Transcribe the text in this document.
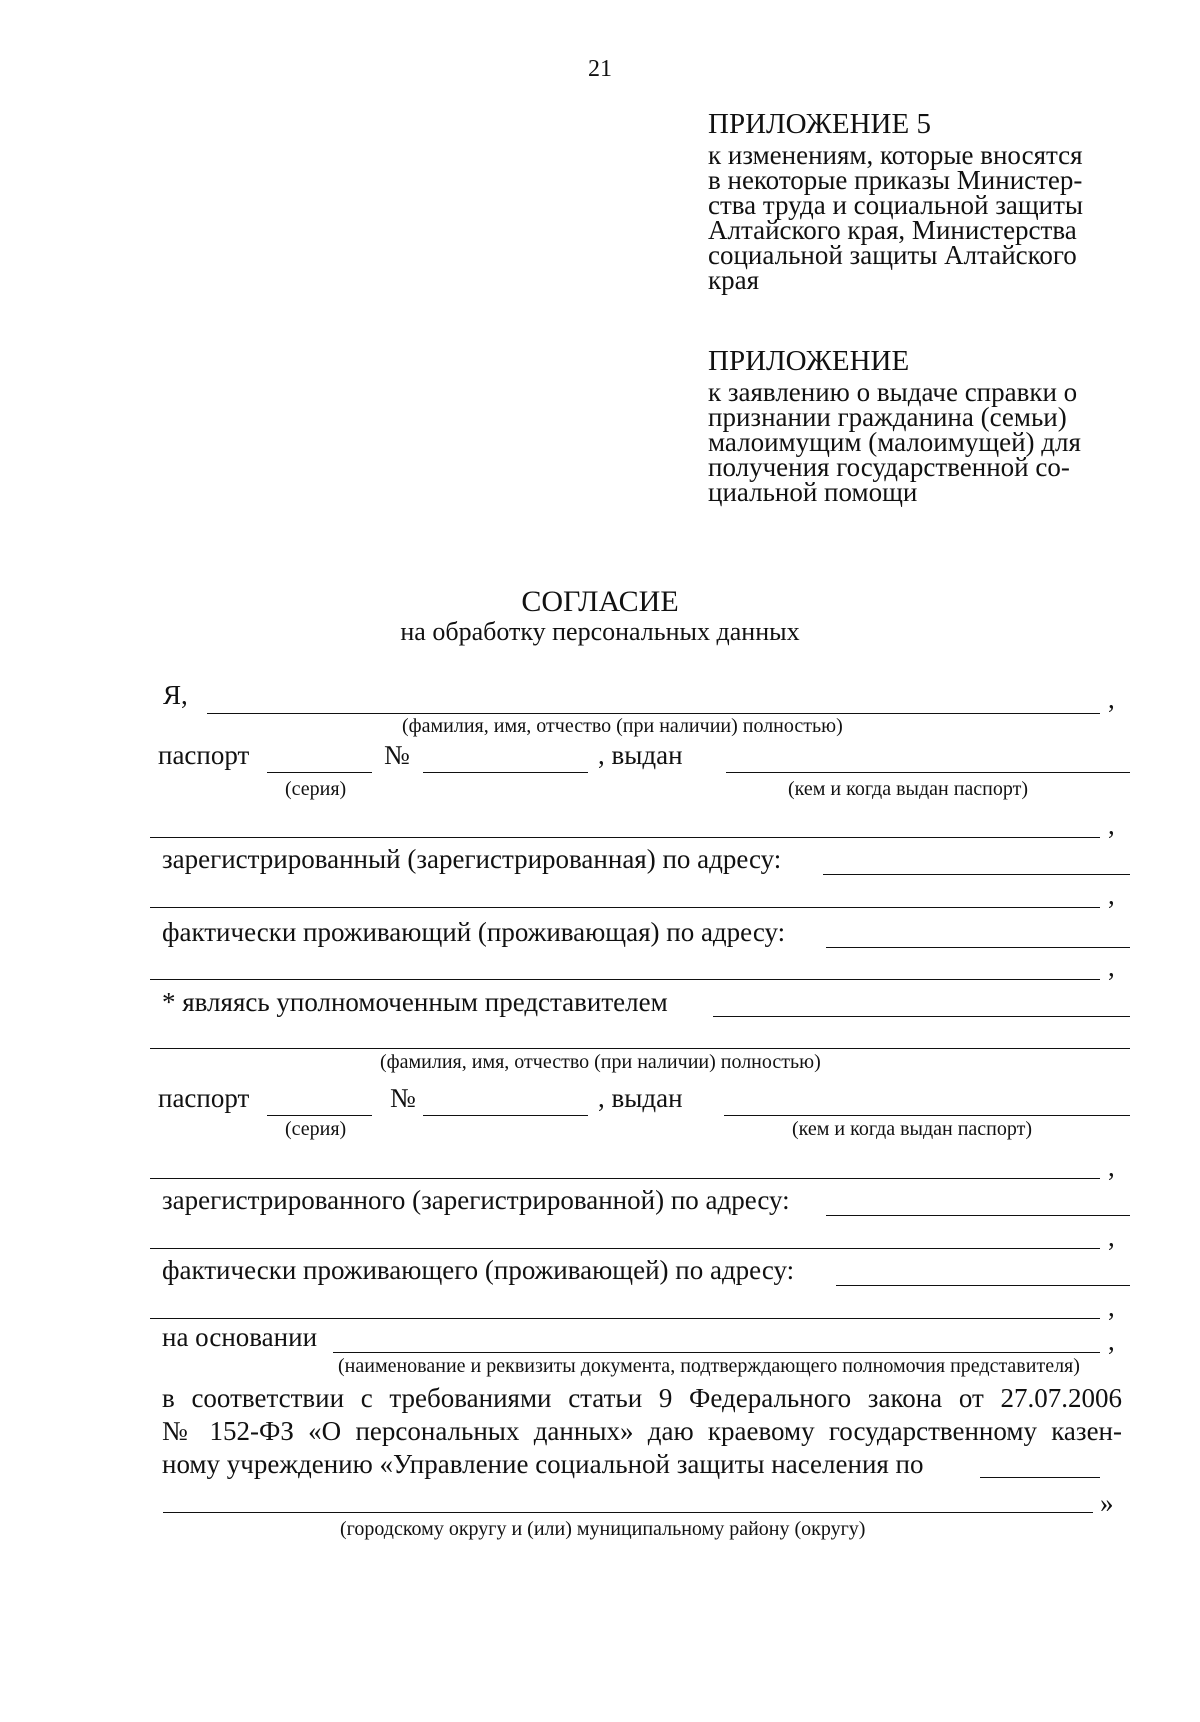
21
ПРИЛОЖЕНИЕ 5
к изменениям, которые вносятся
в некоторые приказы Министер-
ства труда и социальной защиты
Алтайского края, Министерства
социальной защиты Алтайского
края
ПРИЛОЖЕНИЕ
к заявлению о выдаче справки о
признании гражданина (семьи)
малоимущим (малоимущей) для
получения государственной со-
циальной помощи
СОГЛАСИЕ
на обработку персональных данных
Я,	,
(фамилия, имя, отчество (при наличии) полностью)
паспорт	№	, выдан
(серия)	(кем и когда выдан паспорт)
,
зарегистрированный (зарегистрированная) по адресу:
,
фактически проживающий (проживающая) по адресу:
,
* являясь уполномоченным представителем
(фамилия, имя, отчество (при наличии) полностью)
паспорт	№	, выдан
(серия)	(кем и когда выдан паспорт)
,
зарегистрированного (зарегистрированной) по адресу:
,
фактически проживающего (проживающей) по адресу:
,
на основании	,
(наименование и реквизиты документа, подтверждающего полномочия представителя)
в соответствии с требованиями статьи 9 Федерального закона от 27.07.2006
№ 152-ФЗ «О персональных данных» даю краевому государственному казен-
ному учреждению «Управление социальной защиты населения по
»
(городскому округу и (или) муниципальному району (округу)
